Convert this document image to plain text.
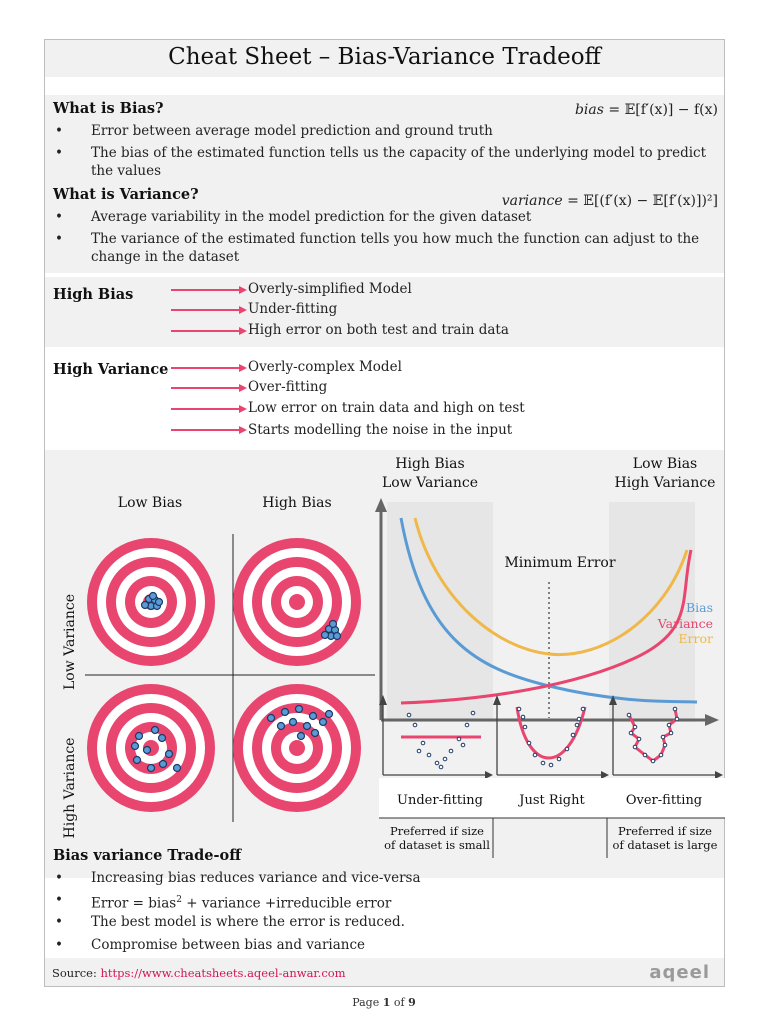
Cheat Sheet – Bias-Variance Tradeoff
What is Bias?	bias = 𝔼[f′(x)] − f(x)
• Error between average model prediction and ground truth
• The bias of the estimated function tells us the capacity of the underlying model to predict the values
What is Variance?	variance = 𝔼[(f′(x) − 𝔼[f′(x)])²]
• Average variability in the model prediction for the given dataset
• The variance of the estimated function tells you how much the function can adjust to the change in the dataset
High Bias	Overly-simplified Model
Under-fitting
High error on both test and train data
High Variance	Overly-complex Model
Over-fitting
Low error on train data and high on test
Starts modelling the noise in the input
Low Bias	High Bias
Low Variance
High Variance
High Bias
Low Variance
Low Bias
High Variance
Minimum Error
Bias
Variance
Error
Under-fitting	Just Right	Over-fitting
Preferred if size
of dataset is small
Preferred if size
of dataset is large
Bias variance Trade-off
• Increasing bias reduces variance and vice-versa
• Error = bias$^2$ + variance +irreducible error
• The best model is where the error is reduced.
• Compromise between bias and variance
Source: https://www.cheatsheets.aqeel-anwar.com	aqeel
Page 1 of 9
